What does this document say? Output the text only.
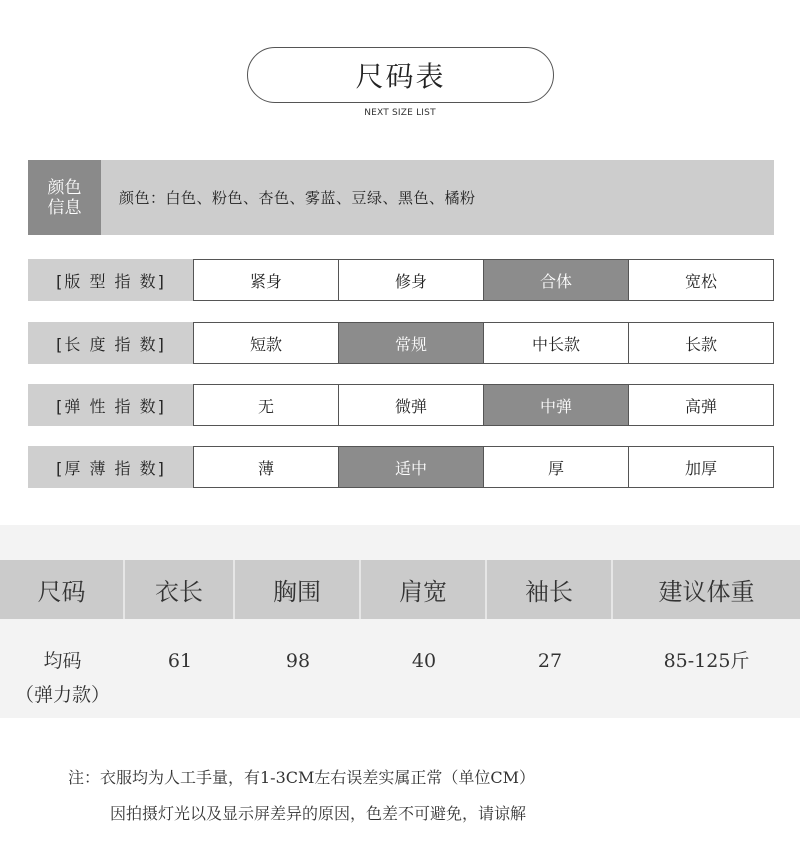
尺码表
NEXT SIZE LIST
颜色
信息	颜色：白色、粉色、杏色、雾蓝、豆绿、黑色、橘粉
[版 型 指 数]	紧身	修身	合体	宽松
[长 度 指 数]	短款	常规	中长款	长款
[弹 性 指 数]	无	微弹	中弹	高弹
[厚 薄 指 数]	薄	适中	厚	加厚
尺码	衣长	胸围	肩宽	袖长	建议体重
均码
（弹力款）
61	98	40	27	85-125斤
注：衣服均为人工手量，有1-3CM左右误差实属正常（单位CM）
因拍摄灯光以及显示屏差异的原因，色差不可避免，请谅解
